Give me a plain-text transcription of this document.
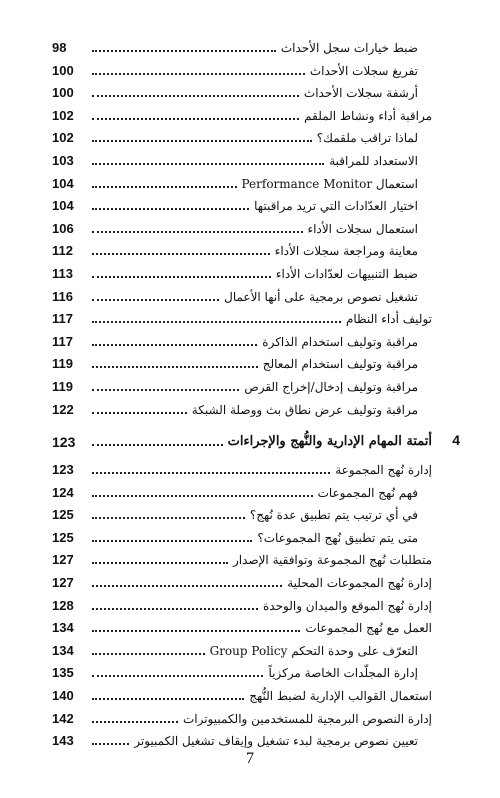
98	ضبط خيارات سجل الأحداث
100	تفريغ سجلات الأحداث
100	أرشفة سجلات الأحداث
102	مراقبة أداء ونشاط الملقم
102	لماذا تراقب ملقمك؟
103	الاستعداد للمراقبة
104	استعمال Performance Monitor
104	اختيار العدّادات التي تريد مراقبتها
106	استعمال سجلات الأداء
112	معاينة ومراجعة سجلات الأداء
113	ضبط التنبيهات لعدّادات الأداء
116	تشغيل نصوص برمجية على أنها الأعمال
117	توليف أداء النظام
117	مراقبة وتوليف استخدام الذاكرة
119	مراقبة وتوليف استخدام المعالج
119	مراقبة وتوليف إدخال/إخراج القرص
122	مراقبة وتوليف عرض نطاق بث ووصلة الشبكة
123	أتمتة المهام الإدارية والنُّهج والإجراءات 4
123	إدارة نُهج المجموعة
124	فهم نُهج المجموعات
125	في أي ترتيب يتم تطبيق عدة نُهج؟
125	متى يتم تطبيق نُهج المجموعات؟
127	متطلبات نُهج المجموعة وتوافقية الإصدار
127	إدارة نُهج المجموعات المحلية
128	إدارة نُهج الموقع والميدان والوحدة
134	العمل مع نُهج المجموعات
134	التعرّف على وحدة التحكم Group Policy
135	إدارة المجلّدات الخاصة مركزياً
140	استعمال القوالب الإدارية لضبط النُّهج
142	إدارة النصوص البرمجية للمستخدمين والكمبيوترات
143	تعيين نصوص برمجية لبدء تشغيل وإيقاف تشغيل الكمبيوتر
7
